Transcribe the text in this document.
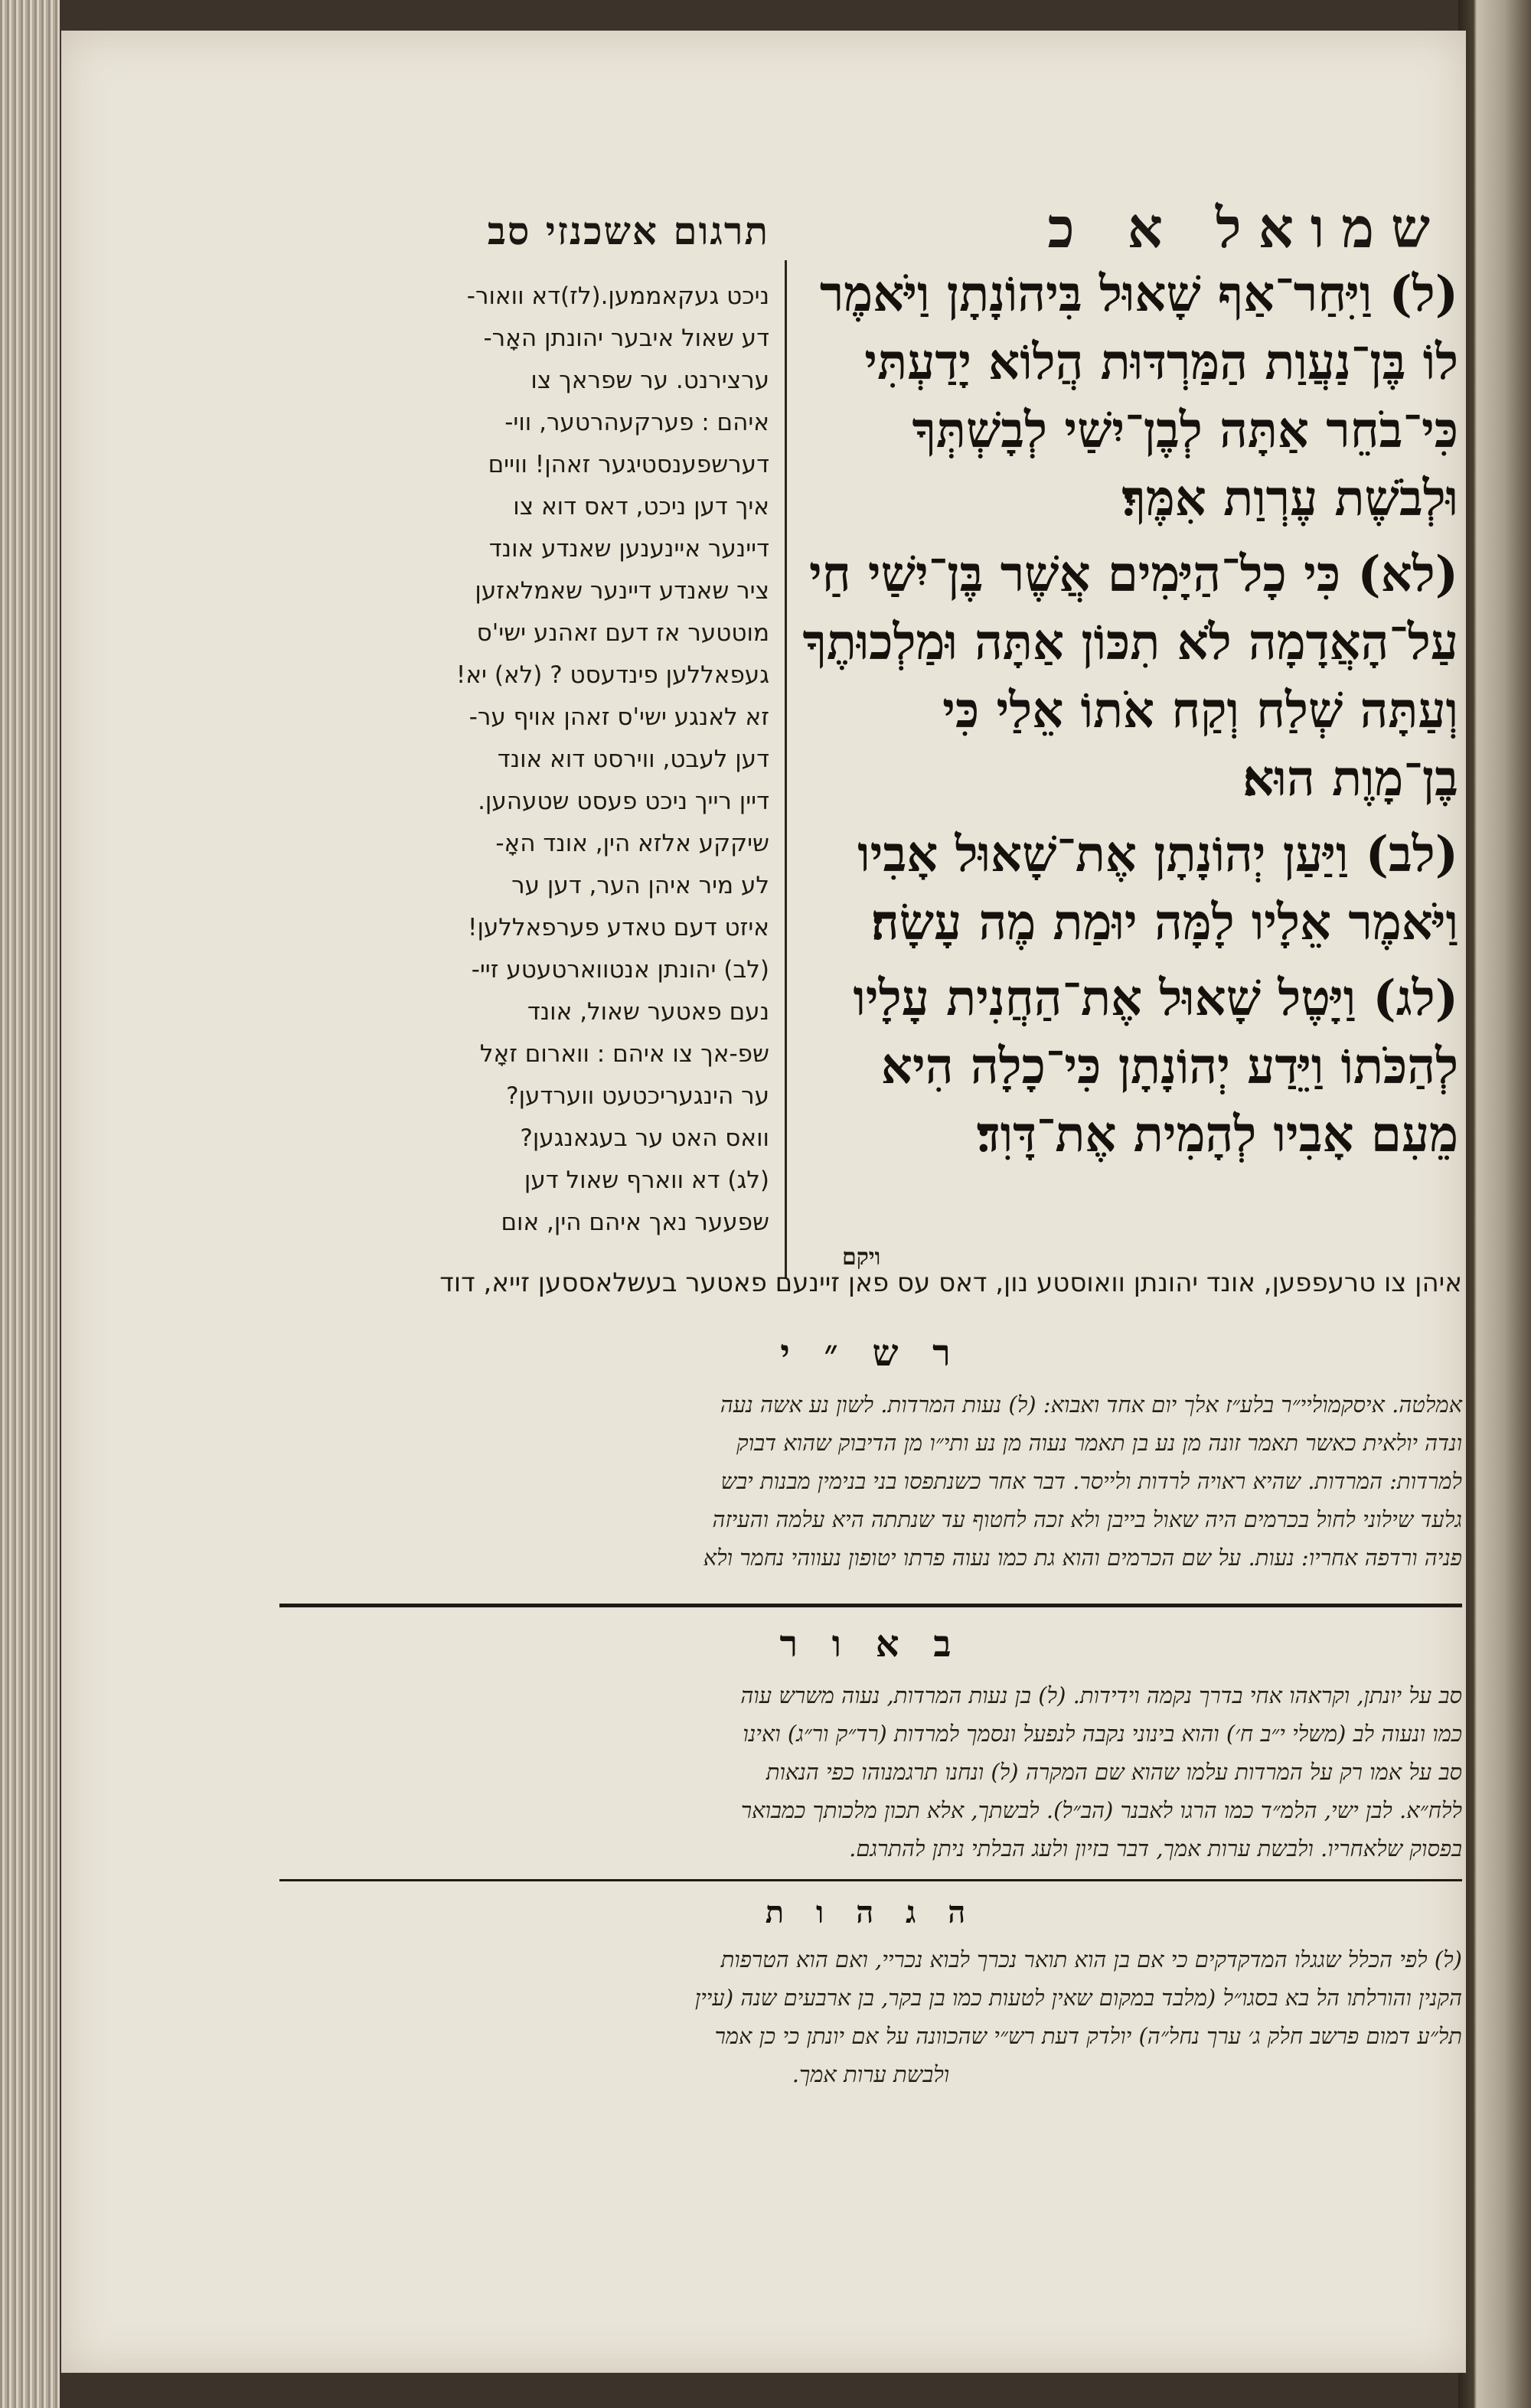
תרגום אשכנזי סב	שמואל א כ

ניכט געקאממען.(לז)דא וואור-

דע שאול איבער יהונתן האָר-

ערצירנט. ער שפראך צו

איהם : פערקעהרטער, ווי-

דערשפענסטיגער זאהן! וויים

איך דען ניכט, דאס דוא צו

דיינער איינענען שאנדע אונד

ציר שאנדע דיינער שאמלאזען

מוטטער אז דעם זאהנע ישי'ס

געפאללען פינדעסט ? (לא) יא!

זא לאנגע ישי'ס זאהן אויף ער-

דען לעבט, ווירסט דוא אונד

דיין רייך ניכט פעסט שטעהען.

שיקקע אלזא הין, אונד האָ-

לע מיר איהן הער, דען ער

איזט דעם טאדע פערפאללען!

(לב) יהונתן אנטווארטעטע זיי-

נעם פאטער שאול, אונד

שפ-אך צו איהם : ווארום זאָל

ער הינגעריכטעט ווערדען?

וואס האט ער בעגאנגען?

(לג) דא ווארף שאול דען

שפעער נאך איהם הין, אום

(ל) וַיִּחַר־אַף שָׁאוּל בִּיהוֹנָתָן וַיֹּאמֶר לוֹ בֶּן־נַעֲוַת הַמַּרְדּוּת הֲלוֹא יָדַעְתִּי כִּי־בֹחֵר אַתָּה לְבֶן־יִשַׁי לְבָשְׁתְּךָ וּלְבֹשֶׁת עֶרְוַת אִמֶּךָ׃

(לא) כִּי כָל־הַיָּמִים אֲשֶׁר בֶּן־יִשַׁי חַי עַל־הָאֲדָמָה לֹא תִכּוֹן אַתָּה וּמַלְכוּתֶךָ וְעַתָּה שְׁלַח וְקַח אֹתוֹ אֵלַי כִּי בֶן־מָוֶת הוּא׃

(לב) וַיַּעַן יְהוֹנָתָן אֶת־שָׁאוּל אָבִיו וַיֹּאמֶר אֵלָיו לָמָּה יוּמַת מֶה עָשָׂה׃

(לג) וַיָּטֶל שָׁאוּל אֶת־הַחֲנִית עָלָיו לְהַכֹּתוֹ וַיֵּדַע יְהוֹנָתָן כִּי־כָלָה הִיא מֵעִם אָבִיו לְהָמִית אֶת־דָּוִד׃

ויקם
איהן צו טרעפפען, אונד יהונתן וואוסטע נון, דאס עס פאן זיינעם פאטער בעשלאססען זייא, דוד
ר ש ״ י

אמלטה. איסקמוליי״ר בלע״ז אלך יום אחד ואבוא: (ל) נעות המרדות. לשון נע אשה נעה

ונדה יולאית כאשר תאמר זונה מן נע בן תאמר נעוה מן נע ותי״ו מן הדיבוק שהוא דבוק

למרדות: המרדות. שהיא ראויה לרדות ולייסר. דבר אחר כשנתפסו בני בנימין מבנות יבש

גלעד שילוני לחול בכרמים היה שאול בייבן ולא זכה לחטוף עד שנתתה היא עלמה והעיזה

פניה ורדפה אחריו: נעות. על שם הכרמים והוא גת כמו נעוה פרתו יטופון נעווהי נחמר ולא

ב א ו ר

סב על יונתן, וקראהו אחי בדרך נקמה וידידות. (ל) בן נעות המרדות, נעוה משרש עוה

כמו ונעוה לב (משלי י״ב ח׳) והוא בינוני נקבה לנפעל ונסמך למרדות (רד״ק ור״ג) ואינו

סב על אמו רק על המרדות עלמו שהוא שם המקרה (ל) ונחנו תרגמנוהו כפי הנאות

ללח״א. לבן ישי, הלמ״ד כמו הרגו לאבנר (הב״ל). לבשתך, אלא תכון מלכותך כמבואר

בפסוק שלאחריו. ולבשת ערות אמך, דבר בזיון ולעג הבלתי ניתן להתרגם.

ה ג ה ו ת

(ל) לפי הכלל שגגלו המדקדקים כי אם בן הוא תואר נכרך לבוא נכריי, ואם הוא הטרפות

הקנין והורלתו הל בא בסגו״ל (מלבד במקום שאין לטעות כמו בן בקר, בן ארבעים שנה (עיין

תל״ע דמום פרשב חלק ג׳ ערך נחל״ה) יולדק דעת רש״י שהכוונה על אם יונתן כי כן אמר

ולבשת ערות אמך.
